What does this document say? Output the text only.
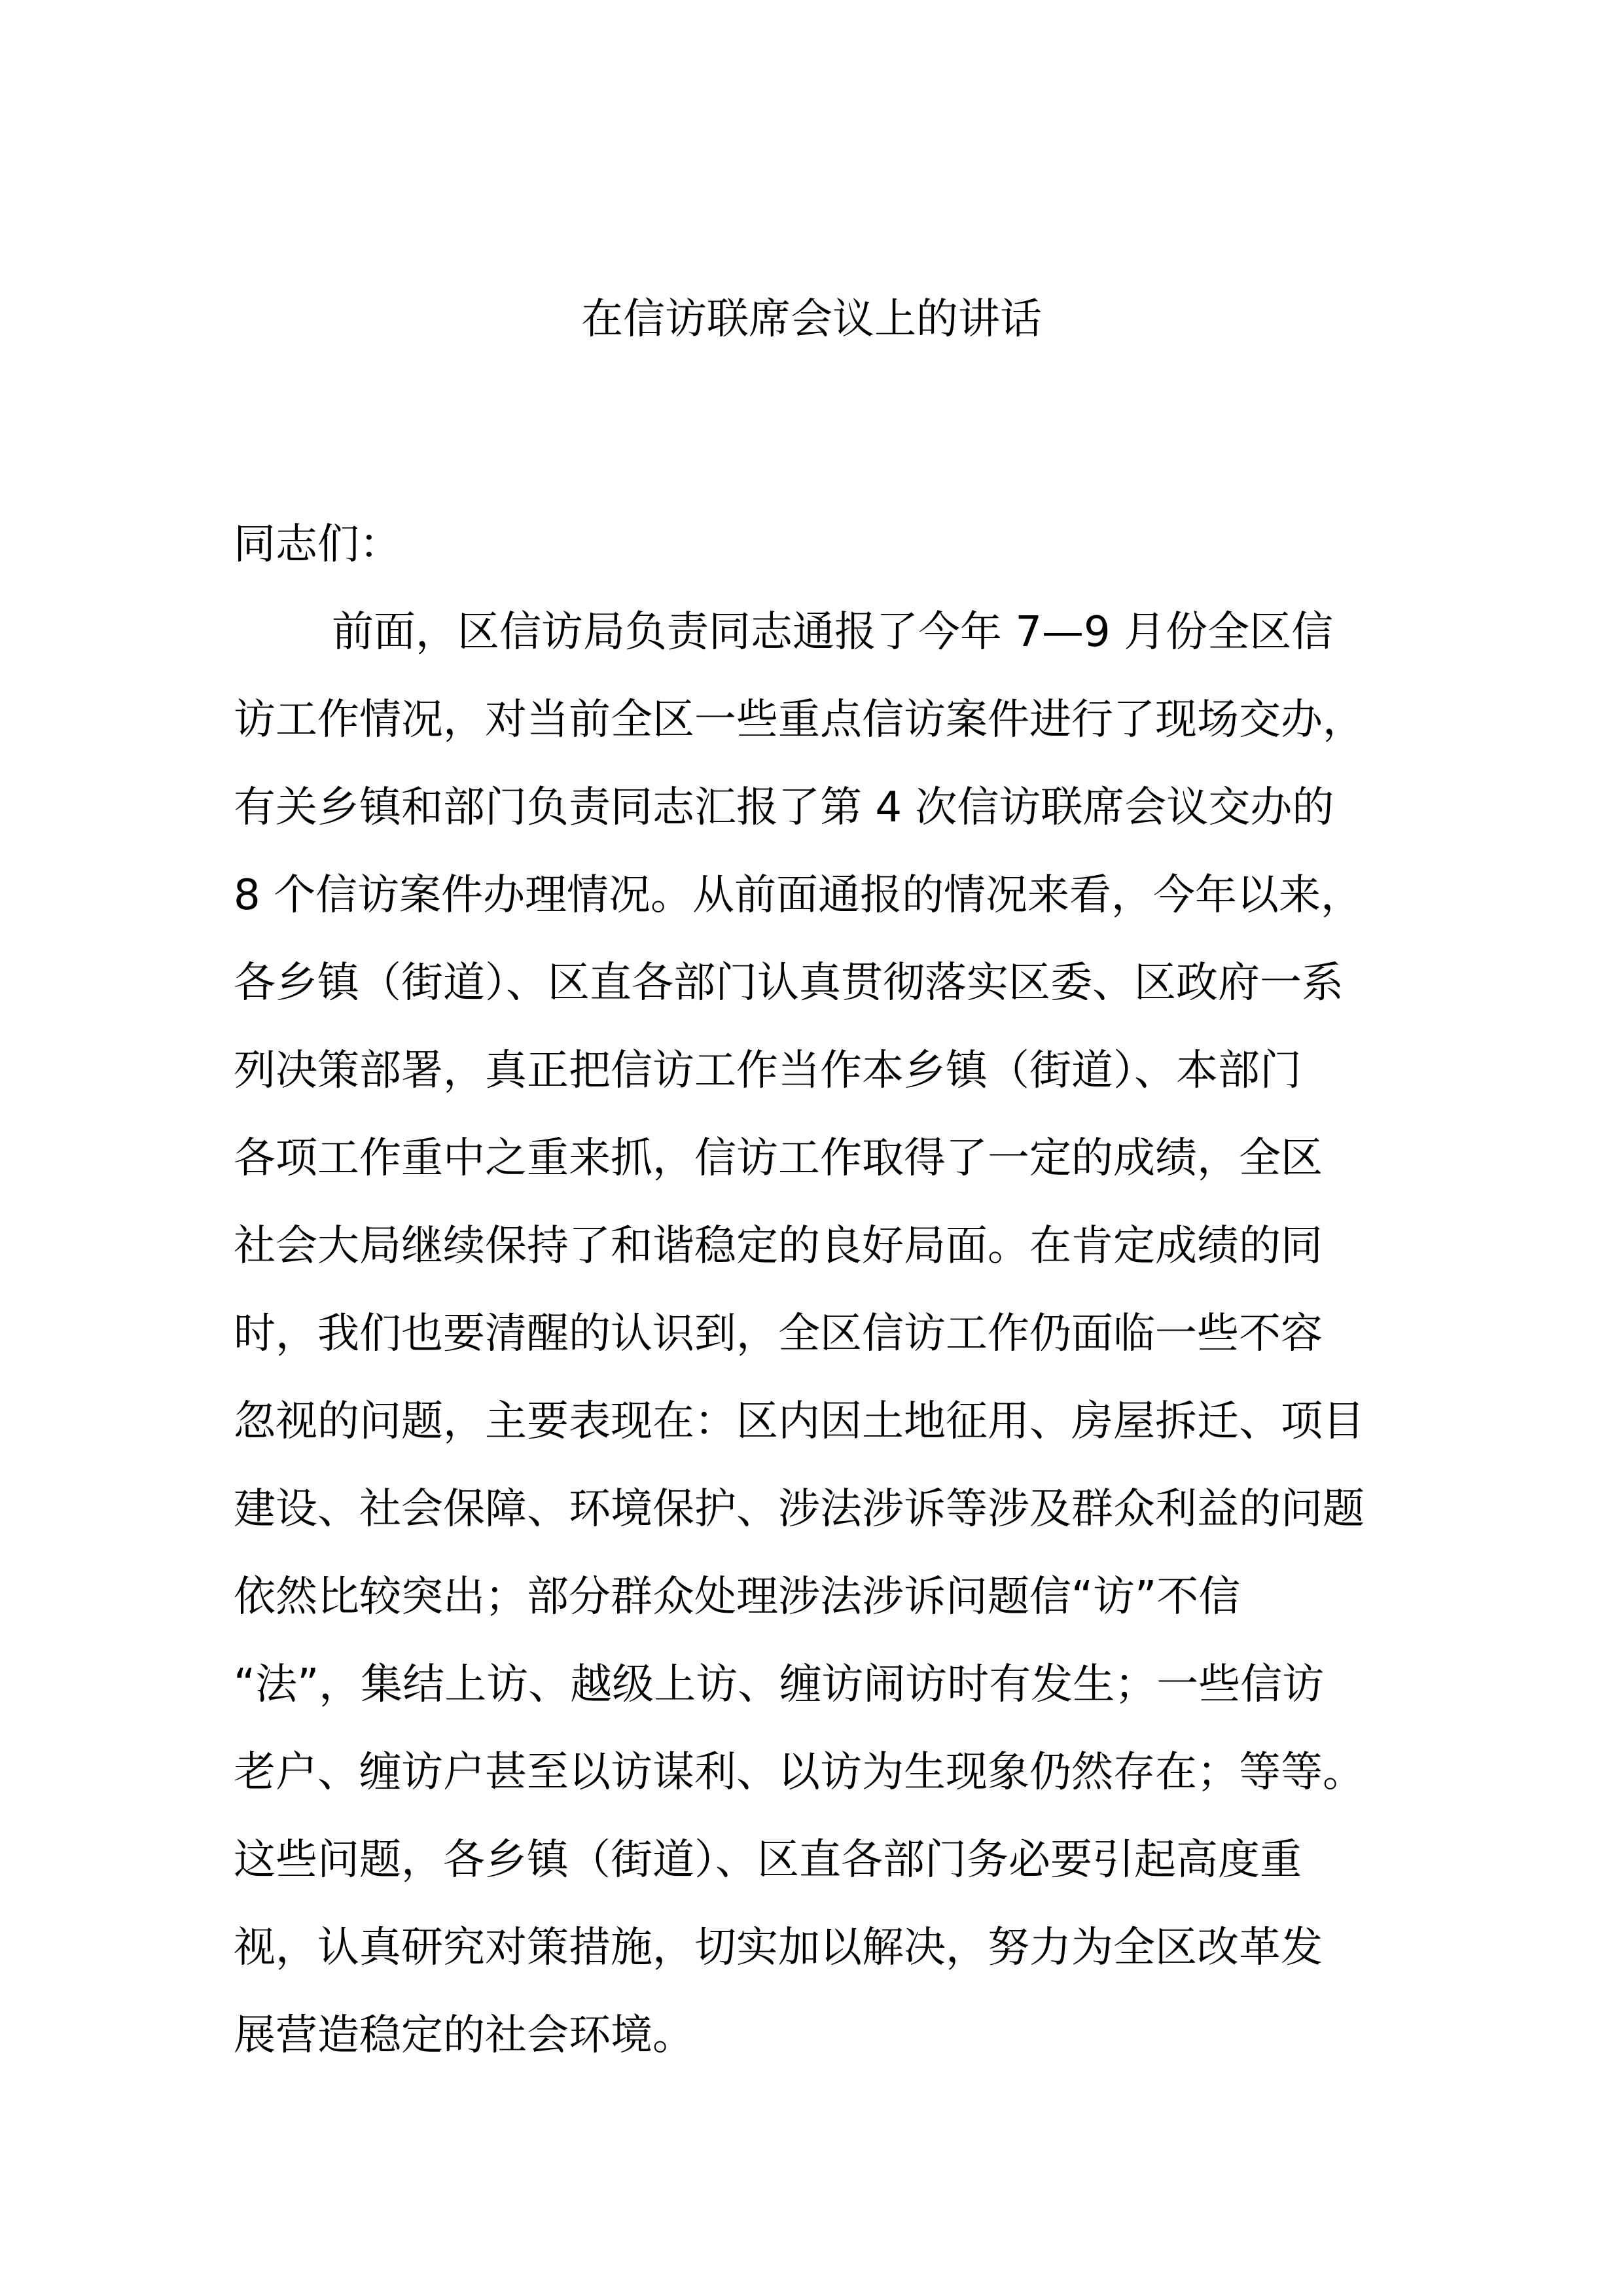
在信访联席会议上的讲话

同志们：

前面，区信访局负责同志通报了今年 7—9 月份全区信
访工作情况，对当前全区一些重点信访案件进行了现场交办，
有关乡镇和部门负责同志汇报了第 4 次信访联席会议交办的
8 个信访案件办理情况。从前面通报的情况来看，今年以来，
各乡镇（街道）、区直各部门认真贯彻落实区委、区政府一系
列决策部署，真正把信访工作当作本乡镇（街道）、本部门
各项工作重中之重来抓，信访工作取得了一定的成绩，全区
社会大局继续保持了和谐稳定的良好局面。在肯定成绩的同
时，我们也要清醒的认识到，全区信访工作仍面临一些不容
忽视的问题，主要表现在：区内因土地征用、房屋拆迁、项目
建设、社会保障、环境保护、涉法涉诉等涉及群众利益的问题
依然比较突出；部分群众处理涉法涉诉问题信“访”不信
“法”，集结上访、越级上访、缠访闹访时有发生；一些信访
老户、缠访户甚至以访谋利、以访为生现象仍然存在；等等。
这些问题，各乡镇（街道）、区直各部门务必要引起高度重
视，认真研究对策措施，切实加以解决，努力为全区改革发
展营造稳定的社会环境。
